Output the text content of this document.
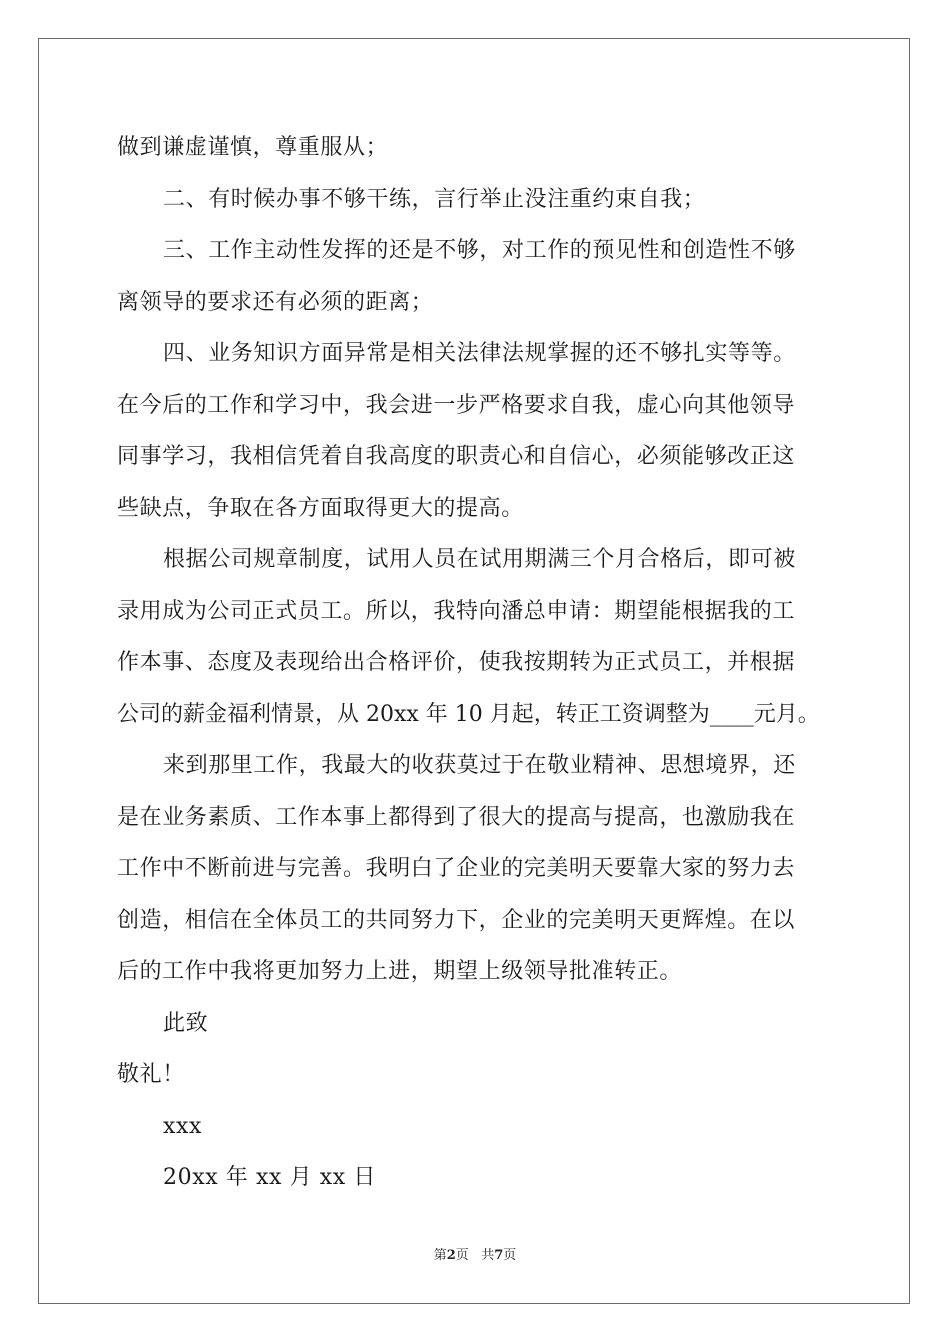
做到谦虚谨慎，尊重服从；
二、有时候办事不够干练，言行举止没注重约束自我；
三、工作主动性发挥的还是不够，对工作的预见性和创造性不够
离领导的要求还有必须的距离；
四、业务知识方面异常是相关法律法规掌握的还不够扎实等等。
在今后的工作和学习中，我会进一步严格要求自我，虚心向其他领导
同事学习，我相信凭着自我高度的职责心和自信心，必须能够改正这
些缺点，争取在各方面取得更大的提高。
根据公司规章制度，试用人员在试用期满三个月合格后，即可被
录用成为公司正式员工。所以，我特向潘总申请：期望能根据我的工
作本事、态度及表现给出合格评价，使我按期转为正式员工，并根据
公司的薪金福利情景，从 20xx 年 10 月起，转正工资调整为____元月。
来到那里工作，我最大的收获莫过于在敬业精神、思想境界，还
是在业务素质、工作本事上都得到了很大的提高与提高，也激励我在
工作中不断前进与完善。我明白了企业的完美明天要靠大家的努力去
创造，相信在全体员工的共同努力下，企业的完美明天更辉煌。在以
后的工作中我将更加努力上进，期望上级领导批准转正。
此致
敬礼！
xxx
20xx 年 xx 月 xx 日
第2页 共7页
